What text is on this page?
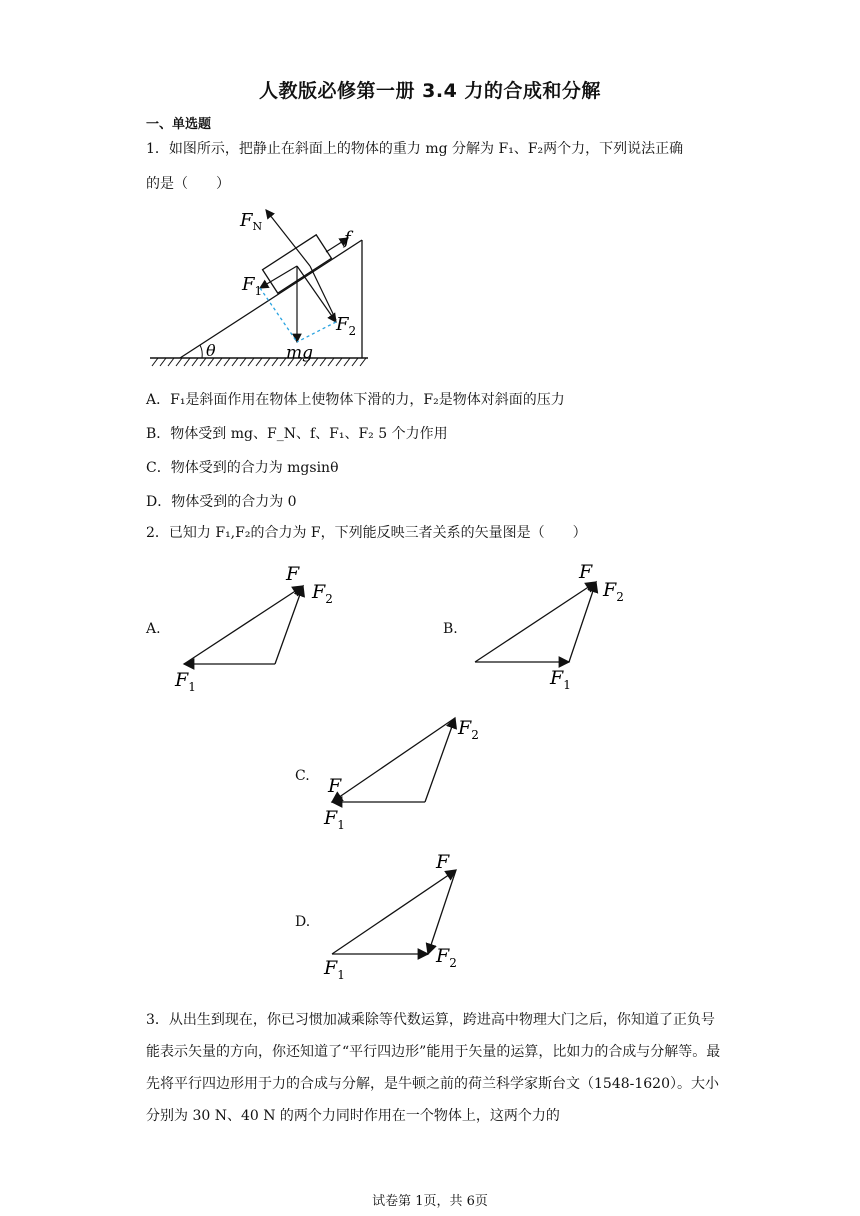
人教版必修第一册 3.4 力的合成和分解
一、单选题
1．如图所示，把静止在斜面上的物体的重力 mg 分解为 F₁、F₂两个力，下列说法正确
的是（　　）
$F_N$
f
$F_1$
$F_2$
mg
θ
A．F₁是斜面作用在物体上使物体下滑的力，F₂是物体对斜面的压力
B．物体受到 mg、F_N、f、F₁、F₂ 5 个力作用
C．物体受到的合力为 mgsinθ
D．物体受到的合力为 0
2．已知力 F₁,F₂的合力为 F，下列能反映三者关系的矢量图是（　　）
A.	B.
C.
D.
F
$F_2$
$F_1$
F
$F_2$
$F_1$
$F_2$
F
$F_1$
F
$F_2$
$F_1$
3．从出生到现在，你已习惯加减乘除等代数运算，跨进高中物理大门之后，你知道了正负号能表示矢量的方向，你还知道了“平行四边形”能用于矢量的运算，比如力的合成与分解等。最先将平行四边形用于力的合成与分解，是牛顿之前的荷兰科学家斯台文（1548-1620）。大小分别为 30 N、40 N 的两个力同时作用在一个物体上，这两个力的
试卷第 1页，共 6页
